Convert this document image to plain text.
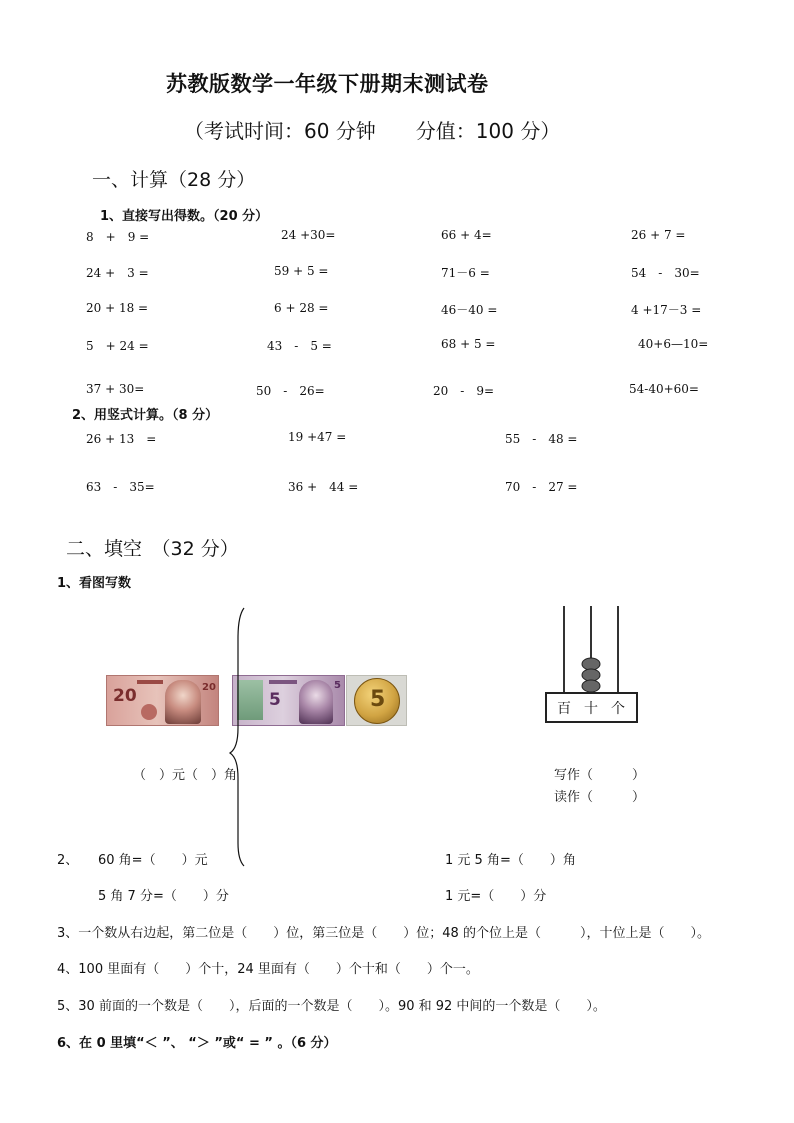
苏教版数学一年级下册期末测试卷
（考试时间：60 分钟　　分值：100 分）
一、计算（28 分）
1、直接写出得数。（20 分）
8　+　9 =	24 +30=	66 + 4=	26 + 7 =
24 +　3 =	59 + 5 =	71－6 =	54　-　30=
20 + 18 =	6 + 28 =	46－40 =	4 +17－3 =
5　+ 24 =	43　-　5 =	68 + 5 =	40+6—10=
37 + 30=	50　-　26=	20　-　9=	54-40+60=
2、用竖式计算。（8 分）
26 + 13　=	19 +47 =	55　-　48 =
63　-　35=	36 +　44 =	70　-　27 =
二、填空　（32 分）
1、看图写数
20	20
5
5
5
（　）元（　）角
百 十 个
写作（　　　）
读作（　　　）
2、 60 角=（　　）元	1 元 5 角=（　　）角
5 角 7 分=（　　）分	1 元=（　　）分
3、一个数从右边起，第二位是（　　）位，第三位是（　　）位；48 的个位上是（　　　），十位上是（　　）。
4、100 里面有（　　）个十，24 里面有（　　）个十和（　　）个一。
5、30 前面的一个数是（　　），后面的一个数是（　　）。90 和 92 中间的一个数是（　　）。
6、在 0 里填“＜ ”、 “＞ ”或“ = ” 。（6 分）
